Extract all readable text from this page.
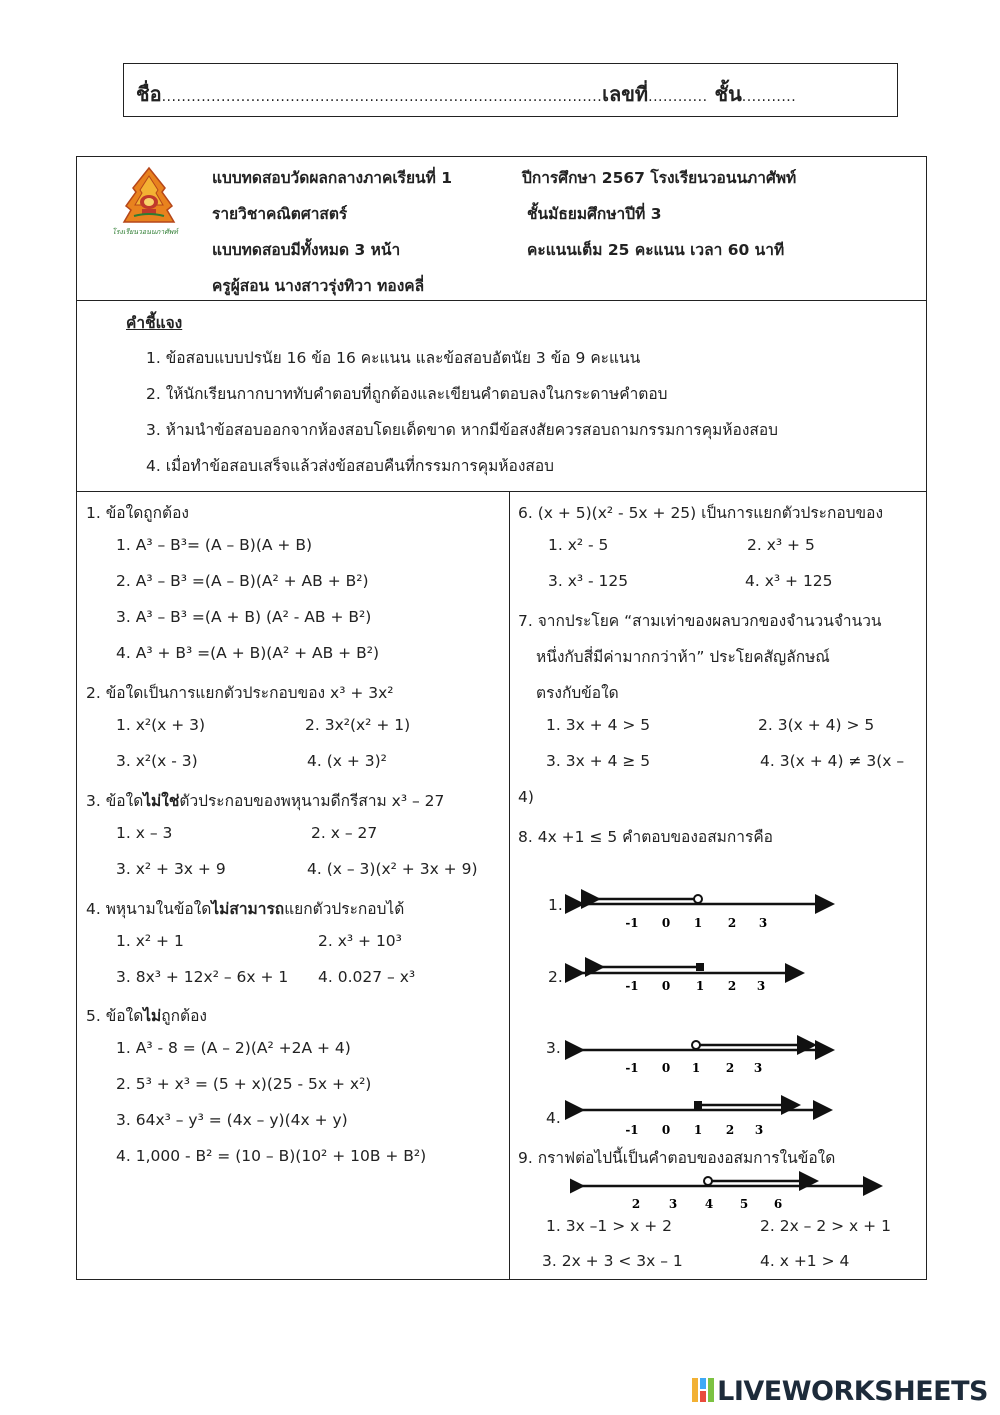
ชื่อ.........................................................................................เลขที่............ ชั้น...........
โรงเรียนวอนนภาศัพท์
แบบทดสอบวัดผลกลางภาคเรียนที่ 1	ปีการศึกษา 2567 โรงเรียนวอนนภาศัพท์
รายวิชาคณิตศาสตร์	ชั้นมัธยมศึกษาปีที่ 3
แบบทดสอบมีทั้งหมด 3 หน้า	คะแนนเต็ม 25 คะแนน เวลา 60 นาที
ครูผู้สอน นางสาวรุ่งทิวา ทองคลี่
คำชี้แจง
1. ข้อสอบแบบปรนัย 16 ข้อ 16 คะแนน และข้อสอบอัตนัย 3 ข้อ 9 คะแนน
2. ให้นักเรียนกากบาททับคำตอบที่ถูกต้องและเขียนคำตอบลงในกระดาษคำตอบ
3. ห้ามนำข้อสอบออกจากห้องสอบโดยเด็ดขาด หากมีข้อสงสัยควรสอบถามกรรมการคุมห้องสอบ
4. เมื่อทำข้อสอบเสร็จแล้วส่งข้อสอบคืนที่กรรมการคุมห้องสอบ
1. ข้อใดถูกต้อง
1. A³ – B³= (A – B)(A + B)
2. A³ – B³ =(A – B)(A² + AB + B²)
3. A³ – B³ =(A + B) (A² - AB + B²)
4. A³ + B³ =(A + B)(A² + AB + B²)
2. ข้อใดเป็นการแยกตัวประกอบของ x³ + 3x²
1. x²(x + 3)	2. 3x²(x² + 1)
3. x²(x - 3)	4. (x + 3)²
3. ข้อใดไม่ใช่ตัวประกอบของพหุนามดีกรีสาม x³ – 27
1. x – 3	2. x – 27
3. x² + 3x + 9	4. (x – 3)(x² + 3x + 9)
4. พหุนามในข้อใดไม่สามารถแยกตัวประกอบได้
1. x² + 1	2. x³ + 10³
3. 8x³ + 12x² – 6x + 1 4. 0.027 – x³
5. ข้อใดไม่ถูกต้อง
1. A³ - 8 = (A – 2)(A² +2A + 4)
2. 5³ + x³ = (5 + x)(25 - 5x + x²)
3. 64x³ – y³ = (4x – y)(4x + y)
4. 1,000 - B² = (10 – B)(10² + 10B + B²)
6. (x + 5)(x² - 5x + 25) เป็นการแยกตัวประกอบของ
1. x² - 5	2. x³ + 5
3. x³ - 125	4. x³ + 125
7. จากประโยค “สามเท่าของผลบวกของจำนวนจำนวน
หนึ่งกับสี่มีค่ามากกว่าห้า” ประโยคสัญลักษณ์
ตรงกับข้อใด
1. 3x + 4 > 5	2. 3(x + 4) > 5
3. 3x + 4 ≥ 5	4. 3(x + 4) ≠ 3(x –
4)
8. 4x +1 ≤ 5 คำตอบของอสมการคือ
1.
2.
3.
4.
-1 0 1 2 3
-1 0 1 2 3
-1 0 1 2 3
-1 0 1 2 3
9. กราฟต่อไปนี้เป็นคำตอบของอสมการในข้อใด
2 3 4 5 6
1. 3x –1 > x + 2	2. 2x – 2 > x + 1
3. 2x + 3 < 3x – 1	4. x +1 > 4
LIVEWORKSHEETS
